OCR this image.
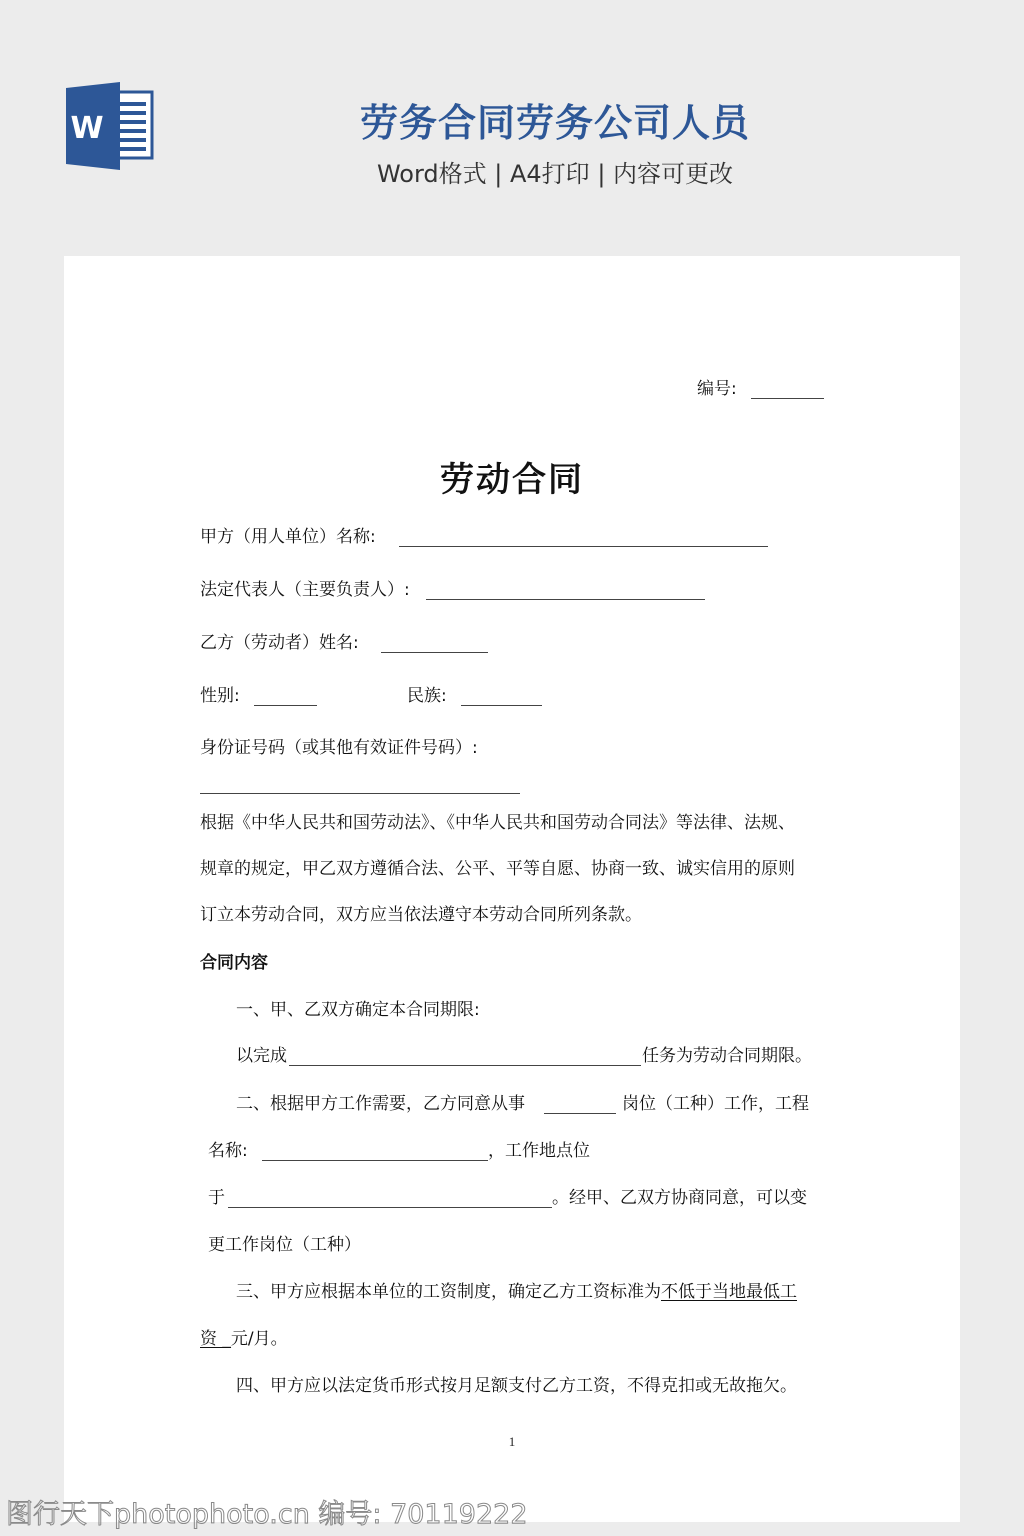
W	劳务合同劳务公司人员
Word格式 | A4打印 | 内容可更改
编号:
劳动合同
甲方（用人单位）名称:
法定代表人（主要负责人）:
乙方（劳动者）姓名:
性别:	民族:
身份证号码（或其他有效证件号码）:
根据《中华人民共和国劳动法》、《中华人民共和国劳动合同法》等法律、法规、
规章的规定，甲乙双方遵循合法、公平、平等自愿、协商一致、诚实信用的原则
订立本劳动合同，双方应当依法遵守本劳动合同所列条款。
合同内容
一、甲、乙双方确定本合同期限:
以完成	任务为劳动合同期限。
二、根据甲方工作需要，乙方同意从事	岗位（工种）工作，工程
名称:	，工作地点位
于	。经甲、乙双方协商同意，可以变
更工作岗位（工种）
三、甲方应根据本单位的工资制度，确定乙方工资标准为不低于当地最低工
资 _元/月。
四、甲方应以法定货币形式按月足额支付乙方工资，不得克扣或无故拖欠。
1
图行天下photophoto.cn 编号: 70119222
